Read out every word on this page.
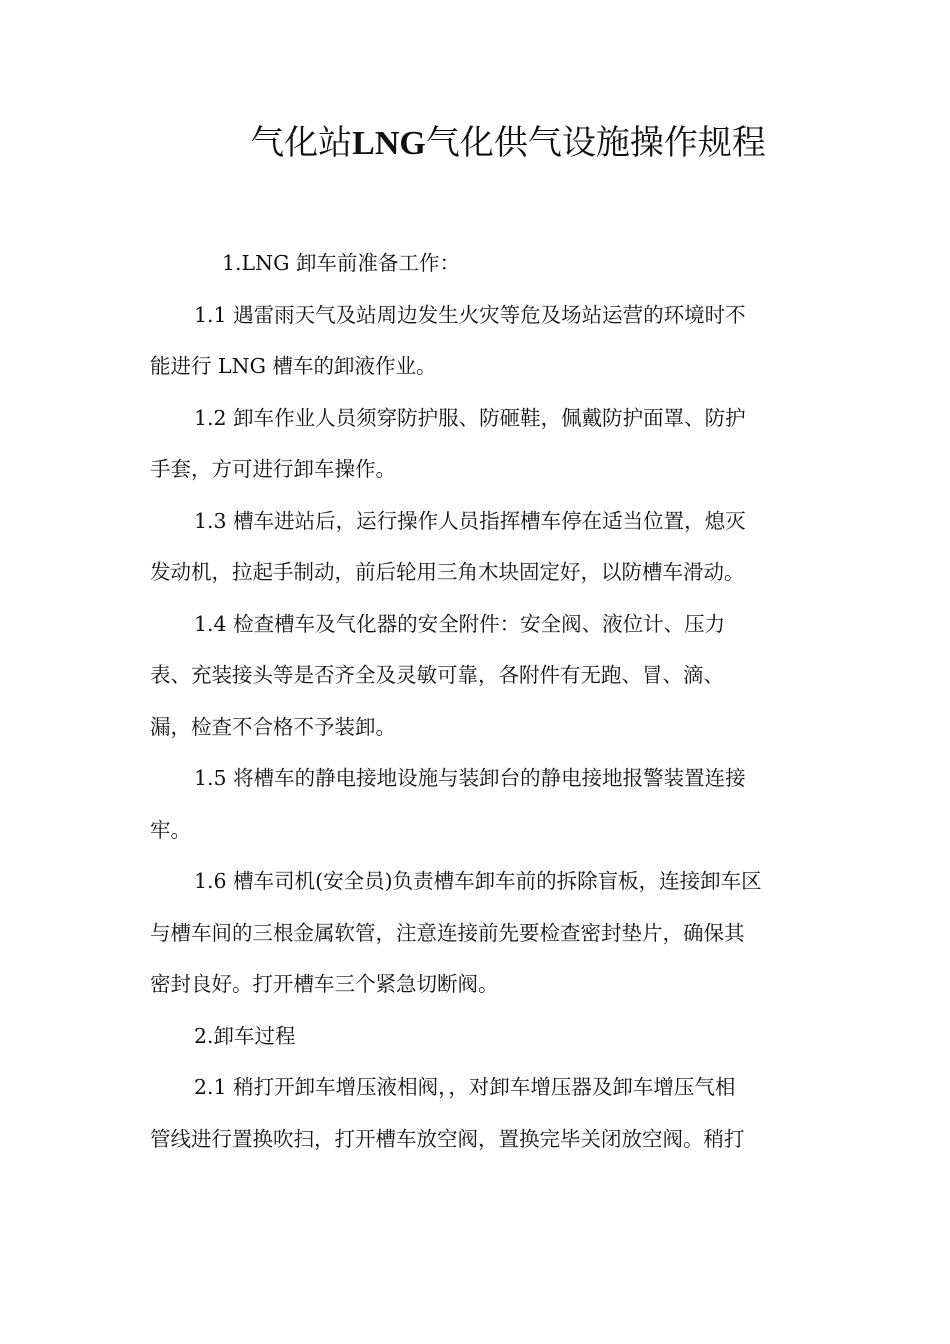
气化站LNG气化供气设施操作规程
1.LNG 卸车前准备工作：
1.1 遇雷雨天气及站周边发生火灾等危及场站运营的环境时不
能进行 LNG 槽车的卸液作业。
1.2 卸车作业人员须穿防护服、防砸鞋，佩戴防护面罩、防护
手套，方可进行卸车操作。
1.3 槽车进站后，运行操作人员指挥槽车停在适当位置，熄灭
发动机，拉起手制动，前后轮用三角木块固定好，以防槽车滑动。
1.4 检查槽车及气化器的安全附件：安全阀、液位计、压力
表、充装接头等是否齐全及灵敏可靠，各附件有无跑、冒、滴、
漏，检查不合格不予装卸。
1.5 将槽车的静电接地设施与装卸台的静电接地报警装置连接
牢。
1.6 槽车司机(安全员)负责槽车卸车前的拆除盲板，连接卸车区
与槽车间的三根金属软管，注意连接前先要检查密封垫片，确保其
密封良好。打开槽车三个紧急切断阀。
2.卸车过程
2.1 稍打开卸车增压液相阀，，对卸车增压器及卸车增压气相
管线进行置换吹扫，打开槽车放空阀，置换完毕关闭放空阀。稍打
